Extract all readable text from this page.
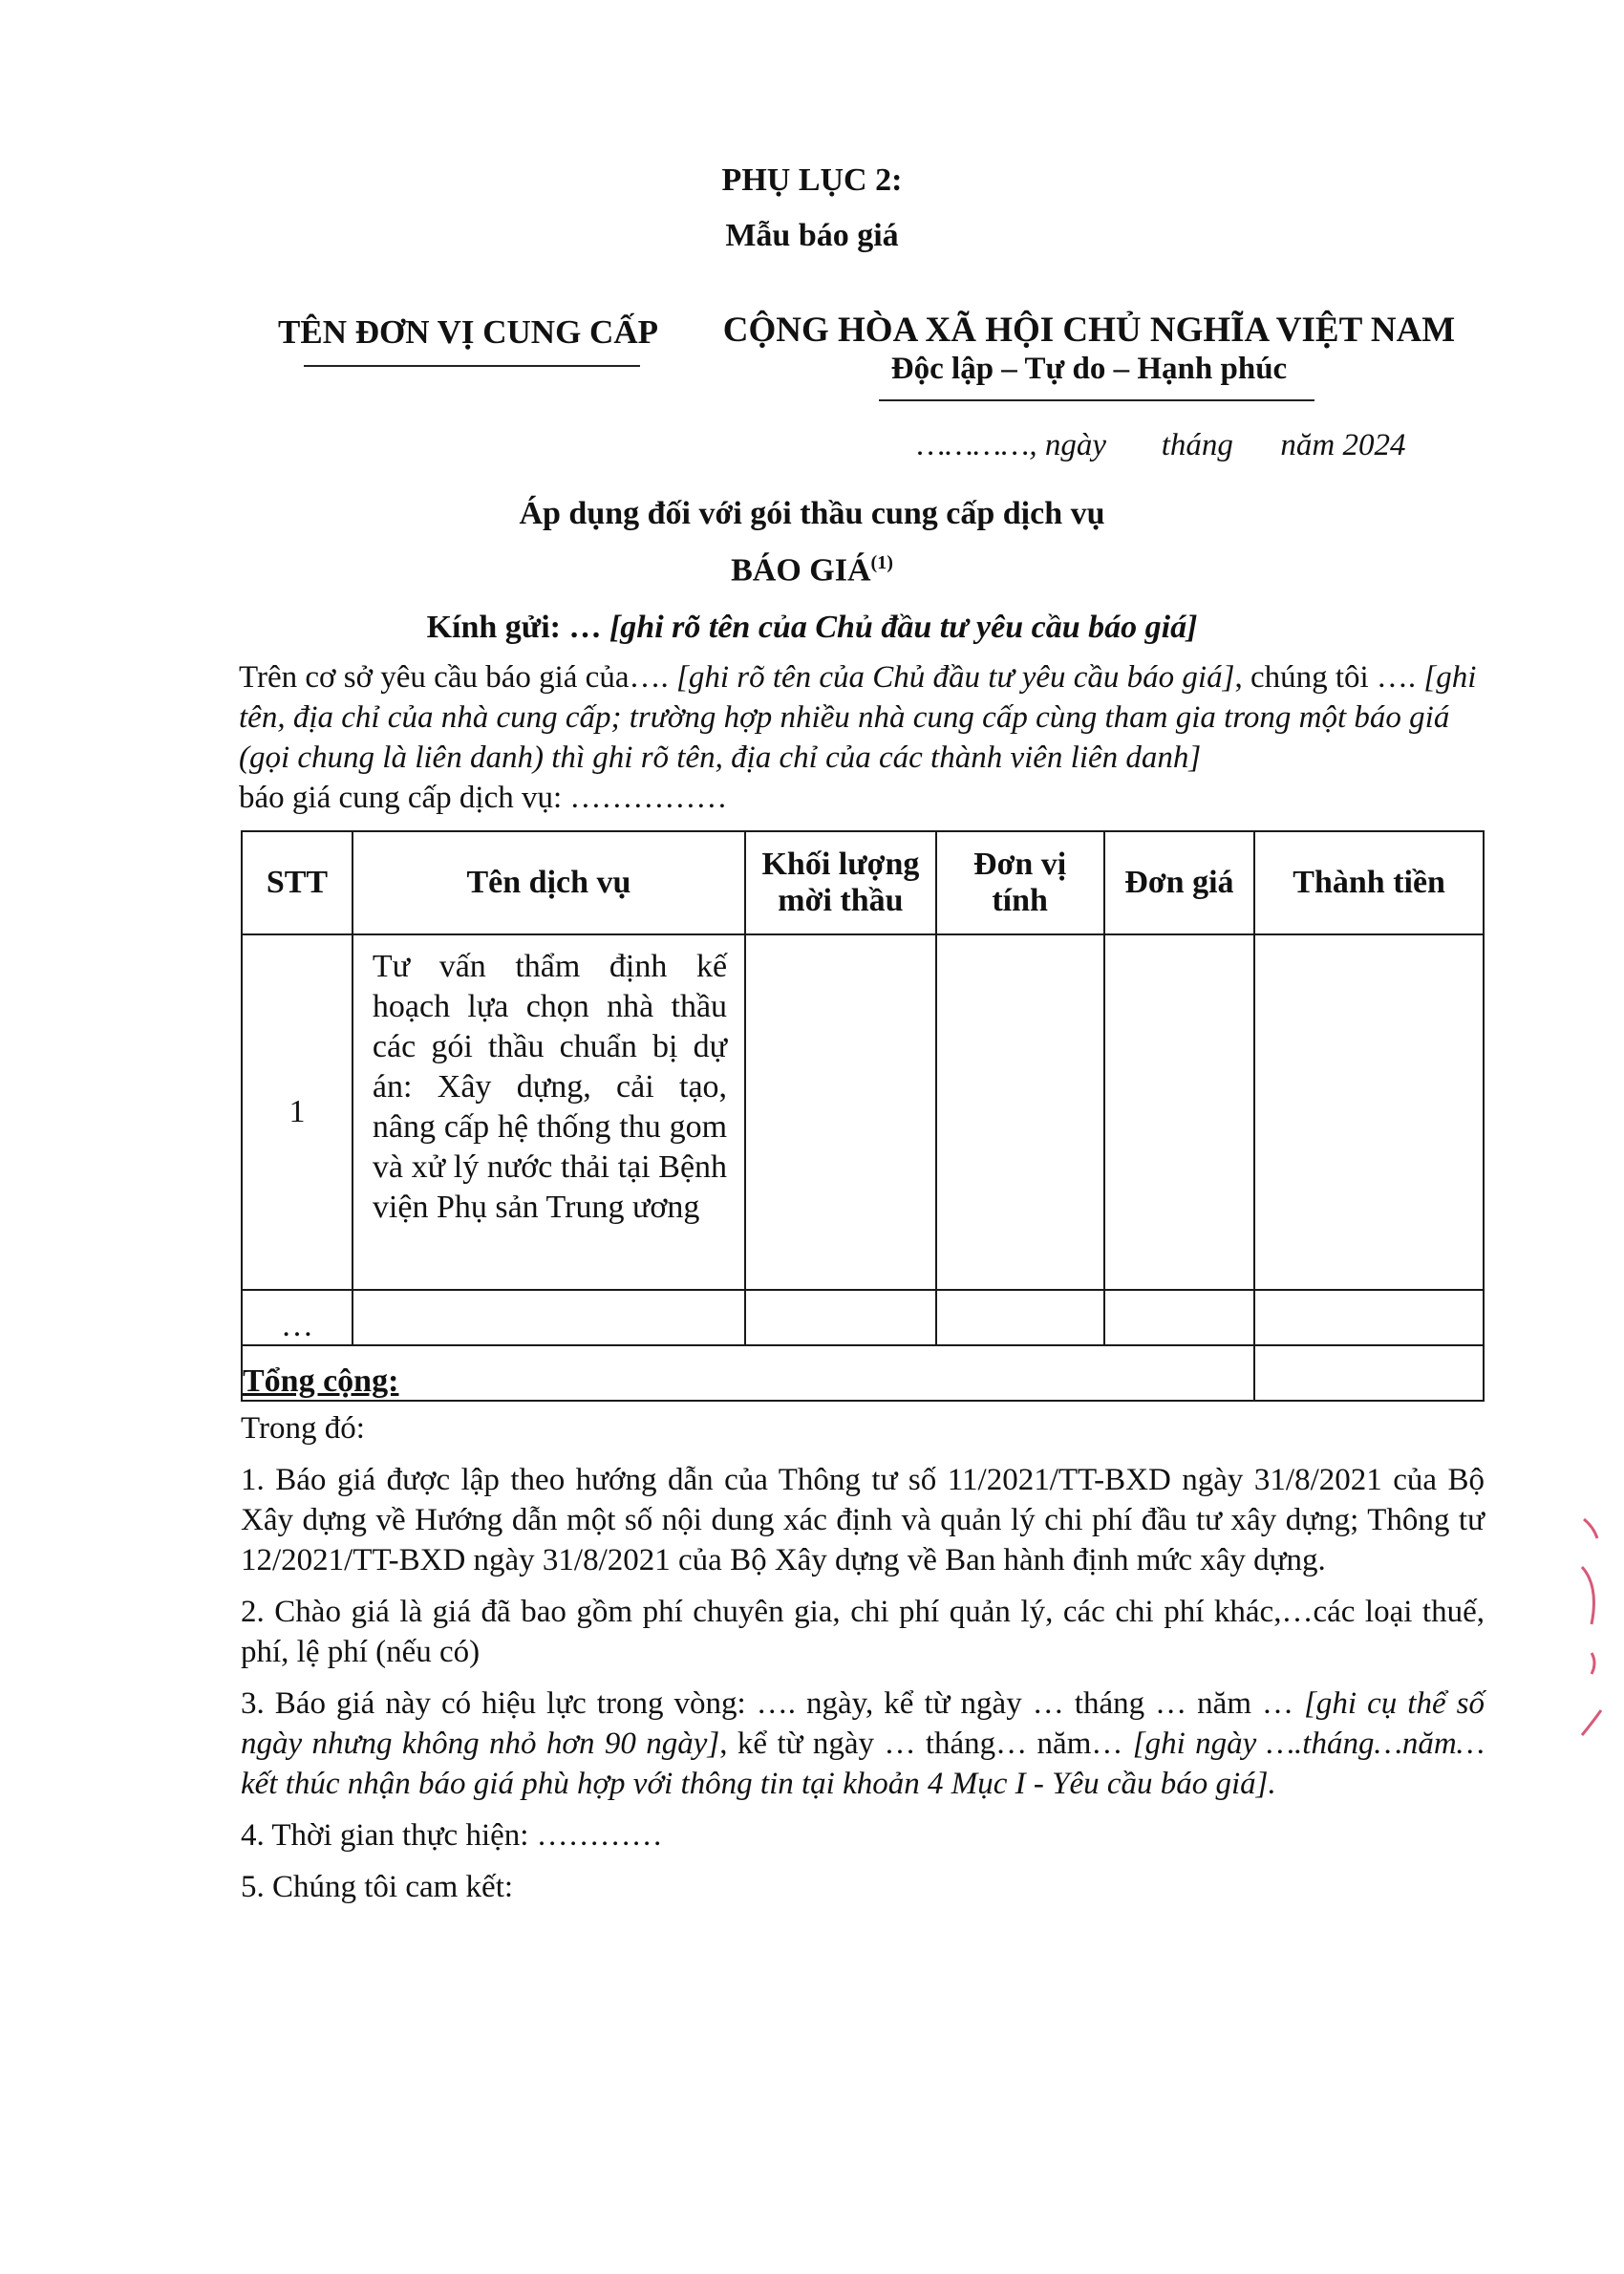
PHỤ LỤC 2:
Mẫu báo giá
TÊN ĐƠN VỊ CUNG CẤP	CỘNG HÒA XÃ HỘI CHỦ NGHĨA VIỆT NAM
Độc lập – Tự do – Hạnh phúc
…………, ngày       tháng      năm 2024
Áp dụng đối với gói thầu cung cấp dịch vụ
BÁO GIÁ$^{(1)}$
Kính gửi: … [ghi rõ tên của Chủ đầu tư yêu cầu báo giá]
Trên cơ sở yêu cầu báo giá của…. [ghi rõ tên của Chủ đầu tư yêu cầu báo giá], chúng tôi …. [ghi tên, địa chỉ của nhà cung cấp; trường hợp nhiều nhà cung cấp cùng tham gia trong một báo giá (gọi chung là liên danh) thì ghi rõ tên, địa chỉ của các thành viên liên danh]
báo giá cung cấp dịch vụ: ……………
STT	Tên dịch vụ	Khối lượng mời thầu	Đơn vị tính	Đơn giá	Thành tiền
1	Tư vấn thẩm định kế hoạch lựa chọn nhà thầu các gói thầu chuẩn bị dự án: Xây dựng, cải tạo, nâng cấp hệ thống thu gom và xử lý nước thải tại Bệnh viện Phụ sản Trung ương				
…					
Tổng cộng:					

Trong đó:

1. Báo giá được lập theo hướng dẫn của Thông tư số 11/2021/TT-BXD ngày 31/8/2021 của Bộ Xây dựng về Hướng dẫn một số nội dung xác định và quản lý chi phí đầu tư xây dựng; Thông tư 12/2021/TT-BXD ngày 31/8/2021 của Bộ Xây dựng về Ban hành định mức xây dựng.

2. Chào giá là giá đã bao gồm phí chuyên gia, chi phí quản lý, các chi phí khác,…các loại thuế, phí, lệ phí (nếu có)

3. Báo giá này có hiệu lực trong vòng: …. ngày, kể từ ngày … tháng … năm … [ghi cụ thể số ngày nhưng không nhỏ hơn 90 ngày], kể từ ngày … tháng… năm… [ghi ngày ….tháng…năm… kết thúc nhận báo giá phù hợp với thông tin tại khoản 4 Mục I - Yêu cầu báo giá].

4. Thời gian thực hiện: …………

5. Chúng tôi cam kết:
